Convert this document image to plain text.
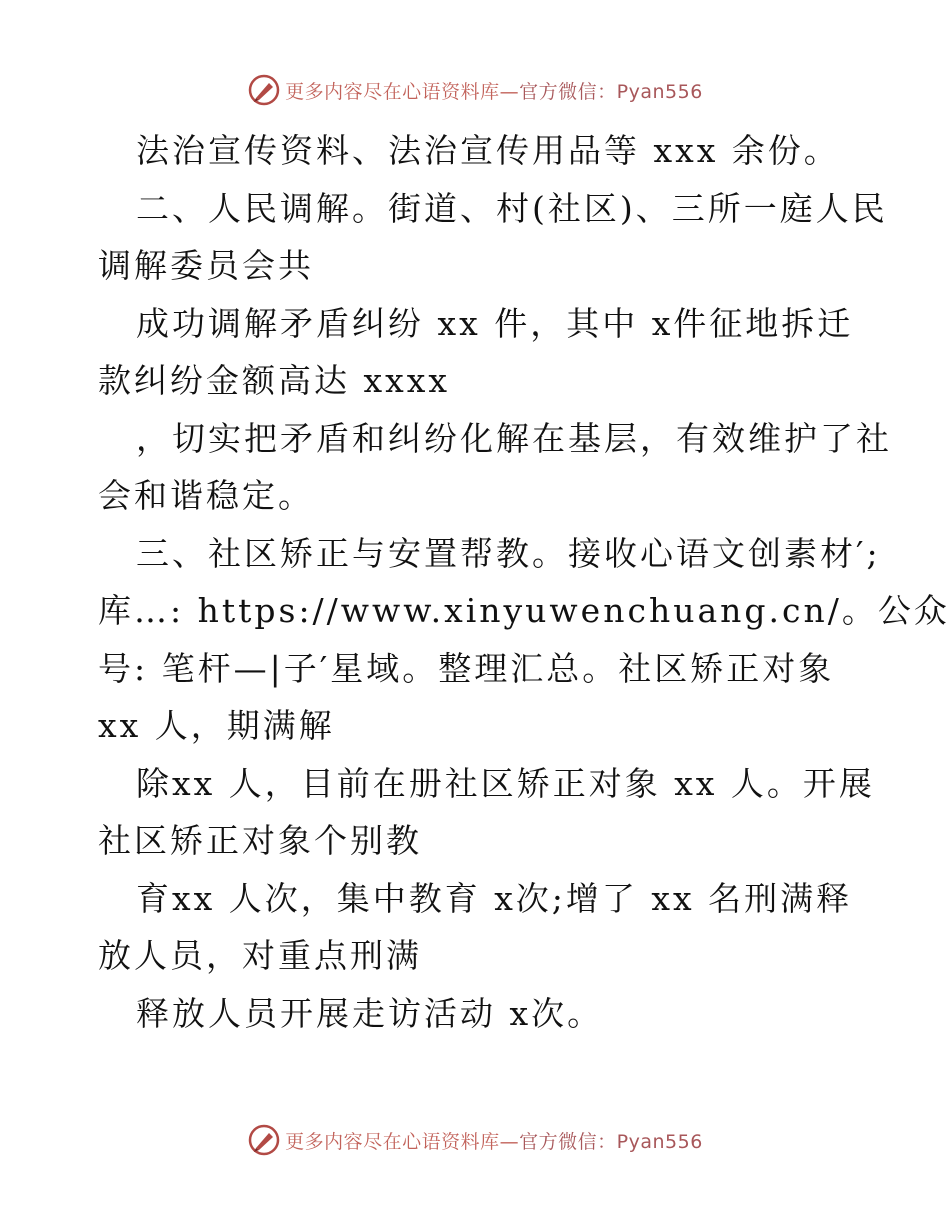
更多内容尽在心语资料库—官方微信：Pyan556
法治宣传资料、法治宣传用品等 xxx 余份。
二、人民调解。街道、村(社区)、三所一庭人民
调解委员会共
成功调解矛盾纠纷 xx 件，其中 x件征地拆迁
款纠纷金额高达 xxxx
，切实把矛盾和纠纷化解在基层，有效维护了社
会和谐稳定。
三、社区矫正与安置帮教。接收心语文创素材′;
库…: https://www.xinyuwenchuang.cn/。公众
号: 笔杆—|子′星域。整理汇总。社区矫正对象
xx 人，期满解
除xx 人，目前在册社区矫正对象 xx 人。开展
社区矫正对象个别教
育xx 人次，集中教育 x次;增了 xx 名刑满释
放人员，对重点刑满
释放人员开展走访活动 x次。
更多内容尽在心语资料库—官方微信：Pyan556
